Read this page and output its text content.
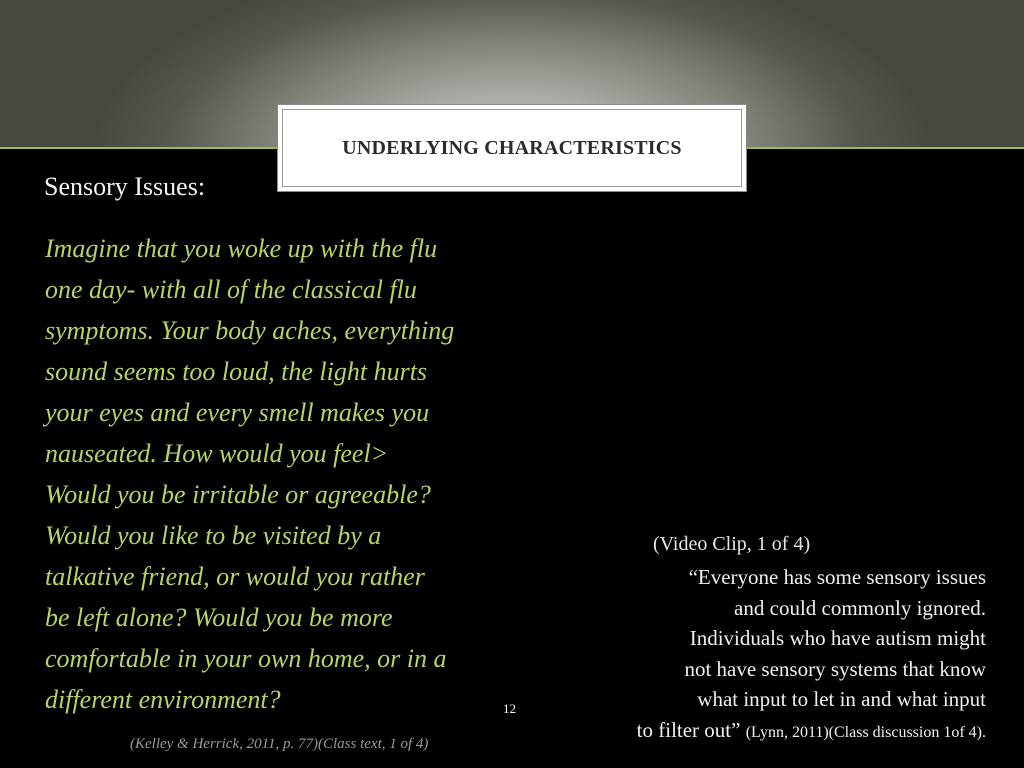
UNDERLYING CHARACTERISTICS
Sensory Issues:

Imagine that you woke up with the flu
one day- with all of the classical flu
symptoms. Your body aches, everything
sound seems too loud, the light hurts
your eyes and every smell makes you
nauseated. How would you feel>
Would you be irritable or agreeable?
Would you like to be visited by a
talkative friend, or would you rather
be left alone? Would you be more
comfortable in your own home, or in a
different environment?

(Kelley & Herrick, 2011, p. 77)(Class text, 1 of 4)
12
(Video Clip, 1 of 4)
“Everyone has some sensory issues
and could commonly ignored.
Individuals who have autism might
not have sensory systems that know
what input to let in and what input
to filter out” (Lynn, 2011)(Class discussion 1of 4).
